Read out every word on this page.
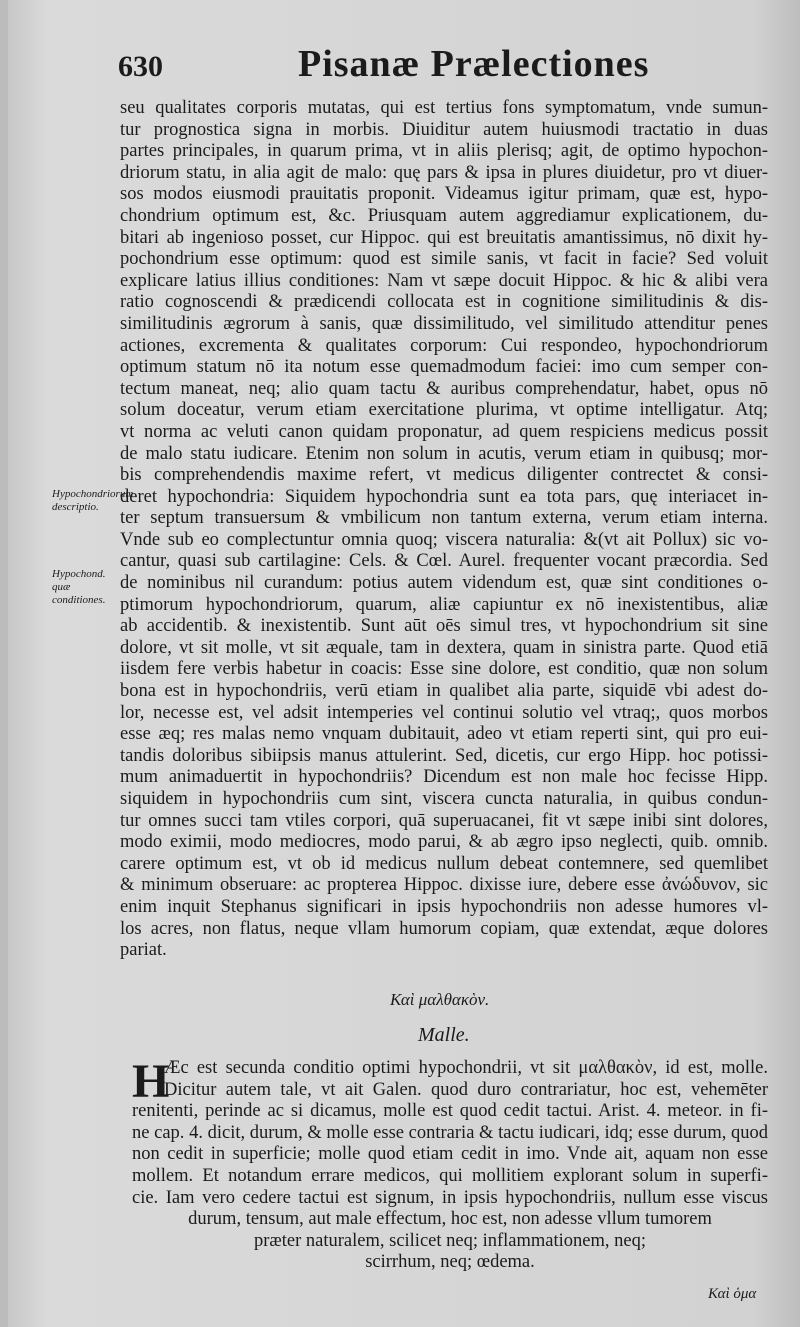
630	Pisanæ Prælectiones
seu qualitates corporis mutatas, qui est tertius fons symptomatum, vnde sumun-
tur prognostica signa in morbis. Diuiditur autem huiusmodi tractatio in duas
partes principales, in quarum prima, vt in aliis plerisq; agit, de optimo hypochon-
driorum statu, in alia agit de malo: quę pars & ipsa in plures diuidetur, pro vt diuer-
sos modos eiusmodi prauitatis proponit. Videamus igitur primam, quæ est, hypo-
chondrium optimum est, &c. Priusquam autem aggrediamur explicationem, du-
bitari ab ingenioso posset, cur Hippoc. qui est breuitatis amantissimus, nō dixit hy-
pochondrium esse optimum: quod est simile sanis, vt facit in facie? Sed voluit
explicare latius illius conditiones: Nam vt sæpe docuit Hippoc. & hic & alibi vera
ratio cognoscendi & prædicendi collocata est in cognitione similitudinis & dis-
similitudinis ægrorum à sanis, quæ dissimilitudo, vel similitudo attenditur penes
actiones, excrementa & qualitates corporum: Cui respondeo, hypochondriorum
optimum statum nō ita notum esse quemadmodum faciei: imo cum semper con-
tectum maneat, neq; alio quam tactu & auribus comprehendatur, habet, opus nō
solum doceatur, verum etiam exercitatione plurima, vt optime intelligatur. Atq;
vt norma ac veluti canon quidam proponatur, ad quem respiciens medicus possit
de malo statu iudicare. Etenim non solum in acutis, verum etiam in quibusq; mor-
bis comprehendendis maxime refert, vt medicus diligenter contrectet & consi-
deret hypochondria: Siquidem hypochondria sunt ea tota pars, quę interiacet in-
ter septum transuersum & vmbilicum non tantum externa, verum etiam interna.
Vnde sub eo complectuntur omnia quoq; viscera naturalia: &(vt ait Pollux) sic vo-
cantur, quasi sub cartilagine: Cels. & Cœl. Aurel. frequenter vocant præcordia. Sed
de nominibus nil curandum: potius autem videndum est, quæ sint conditiones o-
ptimorum hypochondriorum, quarum, aliæ capiuntur ex nō inexistentibus, aliæ
ab accidentib. & inexistentib. Sunt aūt oēs simul tres, vt hypochondrium sit sine
dolore, vt sit molle, vt sit æquale, tam in dextera, quam in sinistra parte. Quod etiā
iisdem fere verbis habetur in coacis: Esse sine dolore, est conditio, quæ non solum
bona est in hypochondriis, verū etiam in qualibet alia parte, siquidē vbi adest do-
lor, necesse est, vel adsit intemperies vel continui solutio vel vtraq;, quos morbos
esse æq; res malas nemo vnquam dubitauit, adeo vt etiam reperti sint, qui pro eui-
tandis doloribus sibiipsis manus attulerint. Sed, dicetis, cur ergo Hipp. hoc potissi-
mum animaduertit in hypochondriis? Dicendum est non male hoc fecisse Hipp.
siquidem in hypochondriis cum sint, viscera cuncta naturalia, in quibus condun-
tur omnes succi tam vtiles corpori, quā superuacanei, fit vt sæpe inibi sint dolores,
modo eximii, modo mediocres, modo parui, & ab ægro ipso neglecti, quib. omnib.
carere optimum est, vt ob id medicus nullum debeat contemnere, sed quemlibet
& minimum obseruare: ac propterea Hippoc. dixisse iure, debere esse ἀνώδυνον, sic
enim inquit Stephanus significari in ipsis hypochondriis non adesse humores vl-
los acres, non flatus, neque vllam humorum copiam, quæ extendat, æque dolores
pariat.
Hypochondriorum descriptio.
Hypochond. quæ conditiones.
Καὶ μαλθακὸν.
Malle.
H
Æc est secunda conditio optimi hypochondrii, vt sit μαλθακὸν, id est, molle.
Dicitur autem tale, vt ait Galen. quod duro contrariatur, hoc est, vehemēter
renitenti, perinde ac si dicamus, molle est quod cedit tactui. Arist. 4. meteor. in fi-
ne cap. 4. dicit, durum, & molle esse contraria & tactu iudicari, idq; esse durum, quod
non cedit in superficie; molle quod etiam cedit in imo. Vnde ait, aquam non esse
mollem. Et notandum errare medicos, qui mollitiem explorant solum in superfi-
cie. Iam vero cedere tactui est signum, in ipsis hypochondriis, nullum esse viscus
durum, tensum, aut male effectum, hoc est, non adesse vllum tumorem
præter naturalem, scilicet neq; inflammationem, neq;
scirrhum, neq; œdema.
Καὶ ὁμα
